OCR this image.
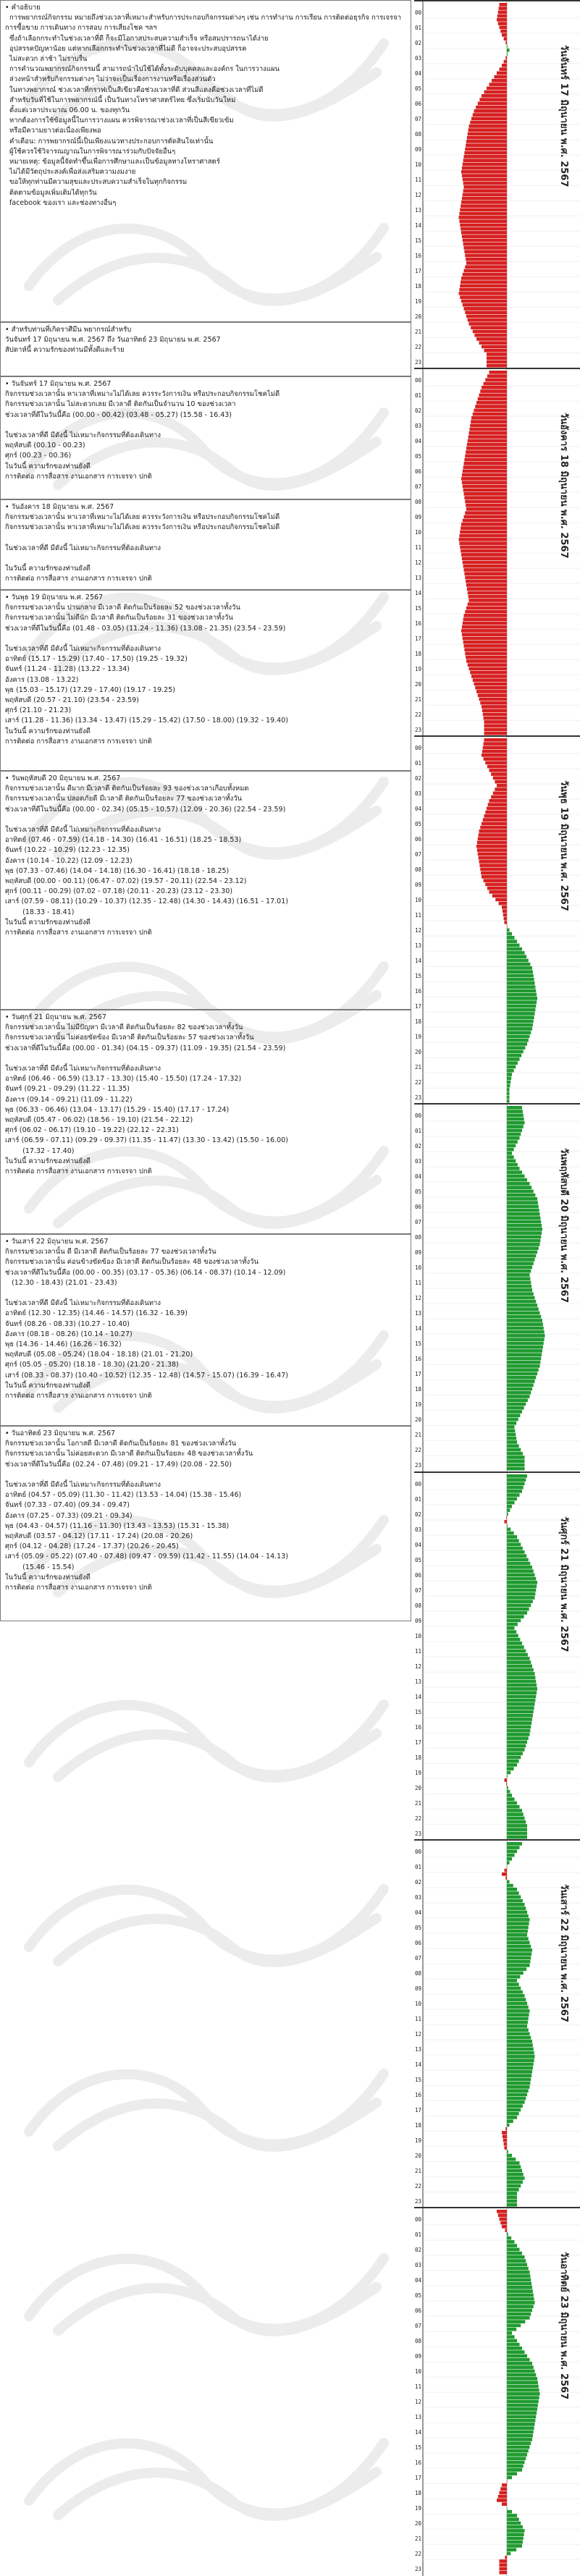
• คำอธิบาย
การพยากรณ์กิจกรรม หมายถึงช่วงเวลาที่เหมาะสำหรับการประกอบกิจกรรมต่างๆ เช่น การทำงาน การเรียน การติดต่อธุรกิจ การเจรจา การซื้อขาย การเดินทาง การสอบ การเสี่ยงโชค ฯลฯ
ซึ่งถ้าเลือกกระทำในช่วงเวลาที่ดี ก็จะมีโอกาสประสบความสำเร็จ หรือสมปรารถนาได้ง่าย
อุปสรรคปัญหาน้อย แต่หากเลือกกระทำในช่วงเวลาที่ไม่ดี ก็อาจจะประสบอุปสรรค
ไม่สะดวก ล่าช้า ไม่ราบรื่น
การคำนวณพยากรณ์กิจกรรมนี้ สามารถนำไปใช้ได้ทั้งระดับบุคคลและองค์กร ในการวางแผน
ล่วงหน้าสำหรับกิจกรรมต่างๆ ไม่ว่าจะเป็นเรื่องการงานหรือเรื่องส่วนตัว
ในทางพยากรณ์ ช่วงเวลาที่กราฟเป็นสีเขียวคือช่วงเวลาที่ดี ส่วนสีแดงคือช่วงเวลาที่ไม่ดี
สำหรับวันที่ใช้ในการพยากรณ์นี้ เป็นวันทางโหราศาสตร์ไทย ซึ่งเริ่มนับวันใหม่
ตั้งแต่เวลาประมาณ 06.00 น. ของทุกวัน
หากต้องการใช้ข้อมูลนี้ในการวางแผน ควรพิจารณาช่วงเวลาที่เป็นสีเขียวเข้ม
หรือมีความยาวต่อเนื่องเพียงพอ
คำเตือน: การพยากรณ์นี้เป็นเพียงแนวทางประกอบการตัดสินใจเท่านั้น
ผู้ใช้ควรใช้วิจารณญาณในการพิจารณาร่วมกับปัจจัยอื่นๆ
หมายเหตุ: ข้อมูลนี้จัดทำขึ้นเพื่อการศึกษาและเป็นข้อมูลทางโหราศาสตร์
ไม่ได้มีวัตถุประสงค์เพื่อส่งเสริมความงมงาย
ขอให้ทุกท่านมีความสุขและประสบความสำเร็จในทุกกิจกรรม
ติดตามข้อมูลเพิ่มเติมได้ทุกวัน
facebook ของเรา และช่องทางอื่นๆ
• สำหรับท่านที่เกิดราศีมีน พยากรณ์สำหรับ
วันจันทร์ 17 มิถุนายน พ.ศ. 2567 ถึง วันอาทิตย์ 23 มิถุนายน พ.ศ. 2567
สัปดาห์นี้ ความรักของท่านมีทั้งดีและร้าย
• วันจันทร์ 17 มิถุนายน พ.ศ. 2567
กิจกรรมช่วงเวลานั้น หาเวลาที่เหมาะไม่ได้เลย ควรระวังการเงิน หรือประกอบกิจกรรมโชคไม่ดี
กิจกรรมช่วงเวลานั้น ไม่สะดวกเลย มีเวลาดี ติดกันเป็นจำนวน 10 ของช่วงเวลา
ช่วงเวลาที่ดีในวันนี้คือ (00.00 - 00.42) (03.48 - 05.27) (15.58 - 16.43)

ในช่วงเวลาที่ดี มีดังนี้ ไม่เหมาะกิจกรรมที่ต้องเดินทาง
พฤหัสบดี (00.10 - 00.23)
ศุกร์ (00.23 - 00.36)
ในวันนี้ ความรักของท่านยังดี
การติดต่อ การสื่อสาร งานเอกสาร การเจรจา ปกติ
• วันอังคาร 18 มิถุนายน พ.ศ. 2567
กิจกรรมช่วงเวลานั้น หาเวลาที่เหมาะไม่ได้เลย ควรระวังการเงิน หรือประกอบกิจกรรมโชคไม่ดี
กิจกรรมช่วงเวลานั้น หาเวลาที่เหมาะไม่ได้เลย ควรระวังการเงิน หรือประกอบกิจกรรมโชคไม่ดี

ในช่วงเวลาที่ดี มีดังนี้ ไม่เหมาะกิจกรรมที่ต้องเดินทาง

ในวันนี้ ความรักของท่านยังดี
การติดต่อ การสื่อสาร งานเอกสาร การเจรจา ปกติ
• วันพุธ 19 มิถุนายน พ.ศ. 2567
กิจกรรมช่วงเวลานั้น ปานกลาง มีเวลาดี ติดกันเป็นร้อยละ 52 ของช่วงเวลาทั้งวัน
กิจกรรมช่วงเวลานั้น ไม่ดีนัก มีเวลาดี ติดกันเป็นร้อยละ 31 ของช่วงเวลาทั้งวัน
ช่วงเวลาที่ดีในวันนี้คือ (01.48 - 03.05) (11.24 - 11.36) (13.08 - 21.35) (23.54 - 23.59)

ในช่วงเวลาที่ดี มีดังนี้ ไม่เหมาะกิจกรรมที่ต้องเดินทาง
อาทิตย์ (15.17 - 15.29) (17.40 - 17.50) (19.25 - 19.32)
จันทร์ (11.24 - 11.28) (13.22 - 13.34)
อังคาร (13.08 - 13.22)
พุธ (15.03 - 15.17) (17.29 - 17.40) (19.17 - 19.25)
พฤหัสบดี (20.57 - 21.10) (23.54 - 23.59)
ศุกร์ (21.10 - 21.23)
เสาร์ (11.28 - 11.36) (13.34 - 13.47) (15.29 - 15.42) (17.50 - 18.00) (19.32 - 19.40)
ในวันนี้ ความรักของท่านยังดี
การติดต่อ การสื่อสาร งานเอกสาร การเจรจา ปกติ
• วันพฤหัสบดี 20 มิถุนายน พ.ศ. 2567
กิจกรรมช่วงเวลานั้น ดีมาก มีเวลาดี ติดกันเป็นร้อยละ 93 ของช่วงเวลาเกือบทั้งหมด
กิจกรรมช่วงเวลานั้น ปลอดภัยดี มีเวลาดี ติดกันเป็นร้อยละ 77 ของช่วงเวลาทั้งวัน
ช่วงเวลาที่ดีในวันนี้คือ (00.00 - 02.34) (05.15 - 10.57) (12.09 - 20.36) (22.54 - 23.59)

ในช่วงเวลาที่ดี มีดังนี้ ไม่เหมาะกิจกรรมที่ต้องเดินทาง
อาทิตย์ (07.46 - 07.59) (14.18 - 14.30) (16.41 - 16.51) (18.25 - 18.53)
จันทร์ (10.22 - 10.29) (12.23 - 12.35)
อังคาร (10.14 - 10.22) (12.09 - 12.23)
พุธ (07.33 - 07.46) (14.04 - 14.18) (16.30 - 16.41) (18.18 - 18.25)
พฤหัสบดี (00.00 - 00.11) (06.47 - 07.02) (19.57 - 20.11) (22.54 - 23.12)
ศุกร์ (00.11 - 00.29) (07.02 - 07.18) (20.11 - 20.23) (23.12 - 23.30)
เสาร์ (07.59 - 08.11) (10.29 - 10.37) (12.35 - 12.48) (14.30 - 14.43) (16.51 - 17.01)
(18.33 - 18.41)
ในวันนี้ ความรักของท่านยังดี
การติดต่อ การสื่อสาร งานเอกสาร การเจรจา ปกติ
• วันศุกร์ 21 มิถุนายน พ.ศ. 2567
กิจกรรมช่วงเวลานั้น ไม่มีปัญหา มีเวลาดี ติดกันเป็นร้อยละ 82 ของช่วงเวลาทั้งวัน
กิจกรรมช่วงเวลานั้น ไม่ค่อยขัดข้อง มีเวลาดี ติดกันเป็นร้อยละ 57 ของช่วงเวลาทั้งวัน
ช่วงเวลาที่ดีในวันนี้คือ (00.00 - 01.34) (04.15 - 09.37) (11.09 - 19.35) (21.54 - 23.59)

ในช่วงเวลาที่ดี มีดังนี้ ไม่เหมาะกิจกรรมที่ต้องเดินทาง
อาทิตย์ (06.46 - 06.59) (13.17 - 13.30) (15.40 - 15.50) (17.24 - 17.32)
จันทร์ (09.21 - 09.29) (11.22 - 11.35)
อังคาร (09.14 - 09.21) (11.09 - 11.22)
พุธ (06.33 - 06.46) (13.04 - 13.17) (15.29 - 15.40) (17.17 - 17.24)
พฤหัสบดี (05.47 - 06.02) (18.56 - 19.10) (21.54 - 22.12)
ศุกร์ (06.02 - 06.17) (19.10 - 19.22) (22.12 - 22.31)
เสาร์ (06.59 - 07.11) (09.29 - 09.37) (11.35 - 11.47) (13.30 - 13.42) (15.50 - 16.00)
(17.32 - 17.40)
ในวันนี้ ความรักของท่านยังดี
การติดต่อ การสื่อสาร งานเอกสาร การเจรจา ปกติ
• วันเสาร์ 22 มิถุนายน พ.ศ. 2567
กิจกรรมช่วงเวลานั้น ดี มีเวลาดี ติดกันเป็นร้อยละ 77 ของช่วงเวลาทั้งวัน
กิจกรรมช่วงเวลานั้น ค่อนข้างขัดข้อง มีเวลาดี ติดกันเป็นร้อยละ 48 ของช่วงเวลาทั้งวัน
ช่วงเวลาที่ดีในวันนี้คือ (00.00 - 00.35) (03.17 - 05.36) (06.14 - 08.37) (10.14 - 12.09)
(12.30 - 18.43) (21.01 - 23.43)

ในช่วงเวลาที่ดี มีดังนี้ ไม่เหมาะกิจกรรมที่ต้องเดินทาง
อาทิตย์ (12.30 - 12.35) (14.46 - 14.57) (16.32 - 16.39)
จันทร์ (08.26 - 08.33) (10.27 - 10.40)
อังคาร (08.18 - 08.26) (10.14 - 10.27)
พุธ (14.36 - 14.46) (16.26 - 16.32)
พฤหัสบดี (05.08 - 05.24) (18.04 - 18.18) (21.01 - 21.20)
ศุกร์ (05.05 - 05.20) (18.18 - 18.30) (21.20 - 21.38)
เสาร์ (08.33 - 08.37) (10.40 - 10.52) (12.35 - 12.48) (14.57 - 15.07) (16.39 - 16.47)
ในวันนี้ ความรักของท่านยังดี
การติดต่อ การสื่อสาร งานเอกสาร การเจรจา ปกติ
• วันอาทิตย์ 23 มิถุนายน พ.ศ. 2567
กิจกรรมช่วงเวลานั้น โอกาสดี มีเวลาดี ติดกันเป็นร้อยละ 81 ของช่วงเวลาทั้งวัน
กิจกรรมช่วงเวลานั้น ไม่ค่อยสะดวก มีเวลาดี ติดกันเป็นร้อยละ 48 ของช่วงเวลาทั้งวัน
ช่วงเวลาที่ดีในวันนี้คือ (02.24 - 07.48) (09.21 - 17.49) (20.08 - 22.50)

ในช่วงเวลาที่ดี มีดังนี้ ไม่เหมาะกิจกรรมที่ต้องเดินทาง
อาทิตย์ (04.57 - 05.09) (11.30 - 11.42) (13.53 - 14.04) (15.38 - 15.46)
จันทร์ (07.33 - 07.40) (09.34 - 09.47)
อังคาร (07.25 - 07.33) (09.21 - 09.34)
พุธ (04.43 - 04.57) (11.16 - 11.30) (13.43 - 13.53) (15.31 - 15.38)
พฤหัสบดี (03.57 - 04.12) (17.11 - 17.24) (20.08 - 20.26)
ศุกร์ (04.12 - 04.28) (17.24 - 17.37) (20.26 - 20.45)
เสาร์ (05.09 - 05.22) (07.40 - 07.48) (09.47 - 09.59) (11.42 - 11.55) (14.04 - 14.13)
(15.46 - 15.54)
ในวันนี้ ความรักของท่านยังดี
การติดต่อ การสื่อสาร งานเอกสาร การเจรจา ปกติ
00
01
02
03
04
05
06
07
08
09
10
11
12
13
14
15
16
17
18
19
20
21
22
23
วันจันทร์ 17 มิถุนายน พ.ศ. 2567
00
01
02
03
04
05
06
07
08
09
10
11
12
13
14
15
16
17
18
19
20
21
22
23
วันอังคาร 18 มิถุนายน พ.ศ. 2567
00
01
02
03
04
05
06
07
08
09
10
11
12
13
14
15
16
17
18
19
20
21
22
23
วันพุธ 19 มิถุนายน พ.ศ. 2567
00
01
02
03
04
05
06
07
08
09
10
11
12
13
14
15
16
17
18
19
20
21
22
23
วันพฤหัสบดี 20 มิถุนายน พ.ศ. 2567
00
01
02
03
04
05
06
07
08
09
10
11
12
13
14
15
16
17
18
19
20
21
22
23
วันศุกร์ 21 มิถุนายน พ.ศ. 2567
00
01
02
03
04
05
06
07
08
09
10
11
12
13
14
15
16
17
18
19
20
21
22
23
วันเสาร์ 22 มิถุนายน พ.ศ. 2567
00
01
02
03
04
05
06
07
08
09
10
11
12
13
14
15
16
17
18
19
20
21
22
23
วันอาทิตย์ 23 มิถุนายน พ.ศ. 2567
